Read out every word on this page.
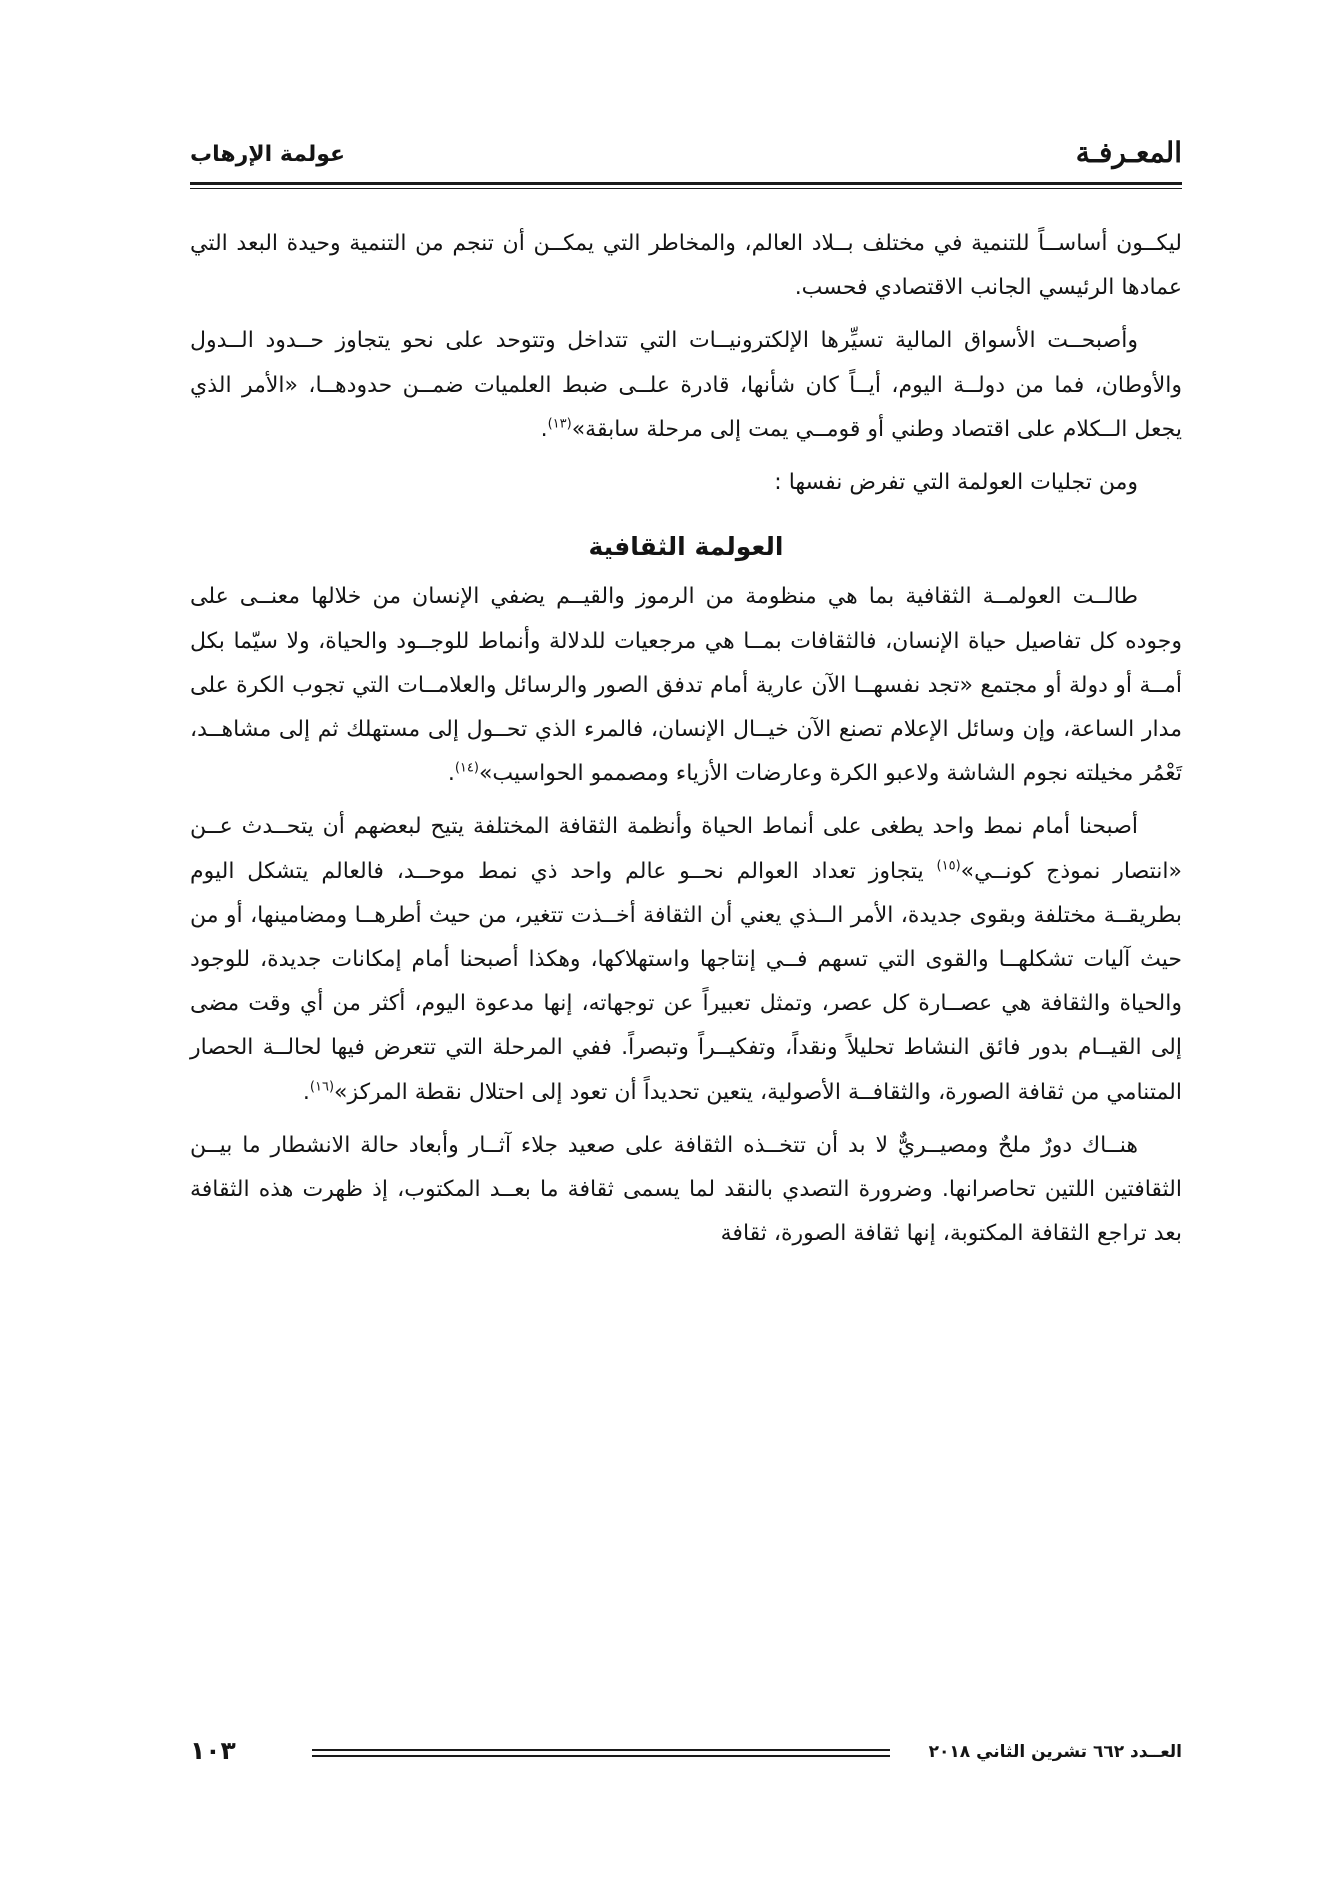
عولمة الإرهاب	المعـرفـة

ليكــون أساســاً للتنمية في مختلف بــلاد العالم، والمخاطر التي يمكــن أن تنجم من التنمية وحيدة البعد التي عمادها الرئيسي الجانب الاقتصادي فحسب.

وأصبحــت الأسواق المالية تسيِّرها الإلكترونيــات التي تتداخل وتتوحد على نحو يتجاوز حــدود الــدول والأوطان، فما من دولــة اليوم، أيــاً كان شأنها، قادرة علــى ضبط العلميات ضمــن حدودهــا، «الأمر الذي يجعل الــكلام على اقتصاد وطني أو قومــي يمت إلى مرحلة سابقة»$^{(١٣)}$.

ومن تجليات العولمة التي تفرض نفسها :

العولمة الثقافية

طالــت العولمــة الثقافية بما هي منظومة من الرموز والقيــم يضفي الإنسان من خلالها معنــى على وجوده كل تفاصيل حياة الإنسان، فالثقافات بمــا هي مرجعيات للدلالة وأنماط للوجــود والحياة، ولا سيّما بكل أمــة أو دولة أو مجتمع «تجد نفسهــا الآن عارية أمام تدفق الصور والرسائل والعلامــات التي تجوب الكرة على مدار الساعة، وإن وسائل الإعلام تصنع الآن خيــال الإنسان، فالمرء الذي تحــول إلى مستهلك ثم إلى مشاهــد، تَعْمُر مخيلته نجوم الشاشة ولاعبو الكرة وعارضات الأزياء ومصممو الحواسيب»$^{(١٤)}$.

أصبحنا أمام نمط واحد يطغى على أنماط الحياة وأنظمة الثقافة المختلفة يتيح لبعضهم أن يتحــدث عــن «انتصار نموذج كونــي»$^{(١٥)}$ يتجاوز تعداد العوالم نحــو عالم واحد ذي نمط موحــد، فالعالم يتشكل اليوم بطريقــة مختلفة وبقوى جديدة، الأمر الــذي يعني أن الثقافة أخــذت تتغير، من حيث أطرهــا ومضامينها، أو من حيث آليات تشكلهــا والقوى التي تسهم فــي إنتاجها واستهلاكها، وهكذا أصبحنا أمام إمكانات جديدة، للوجود والحياة والثقافة هي عصــارة كل عصر، وتمثل تعبيراً عن توجهاته، إنها مدعوة اليوم، أكثر من أي وقت مضى إلى القيــام بدور فائق النشاط تحليلاً ونقداً، وتفكيــراً وتبصراً. ففي المرحلة التي تتعرض فيها لحالــة الحصار المتنامي من ثقافة الصورة، والثقافــة الأصولية، يتعين تحديداً أن تعود إلى احتلال نقطة المركز»$^{(١٦)}$.

هنــاك دورٌ ملحٌ ومصيــريٌّ لا بد أن تتخــذه الثقافة على صعيد جلاء آثــار وأبعاد حالة الانشطار ما بيــن الثقافتين اللتين تحاصرانها. وضرورة التصدي بالنقد لما يسمى ثقافة ما بعــد المكتوب، إذ ظهرت هذه الثقافة بعد تراجع الثقافة المكتوبة، إنها ثقافة الصورة، ثقافة

العــدد ٦٦٢ تشرين الثاني ٢٠١٨
١٠٣
